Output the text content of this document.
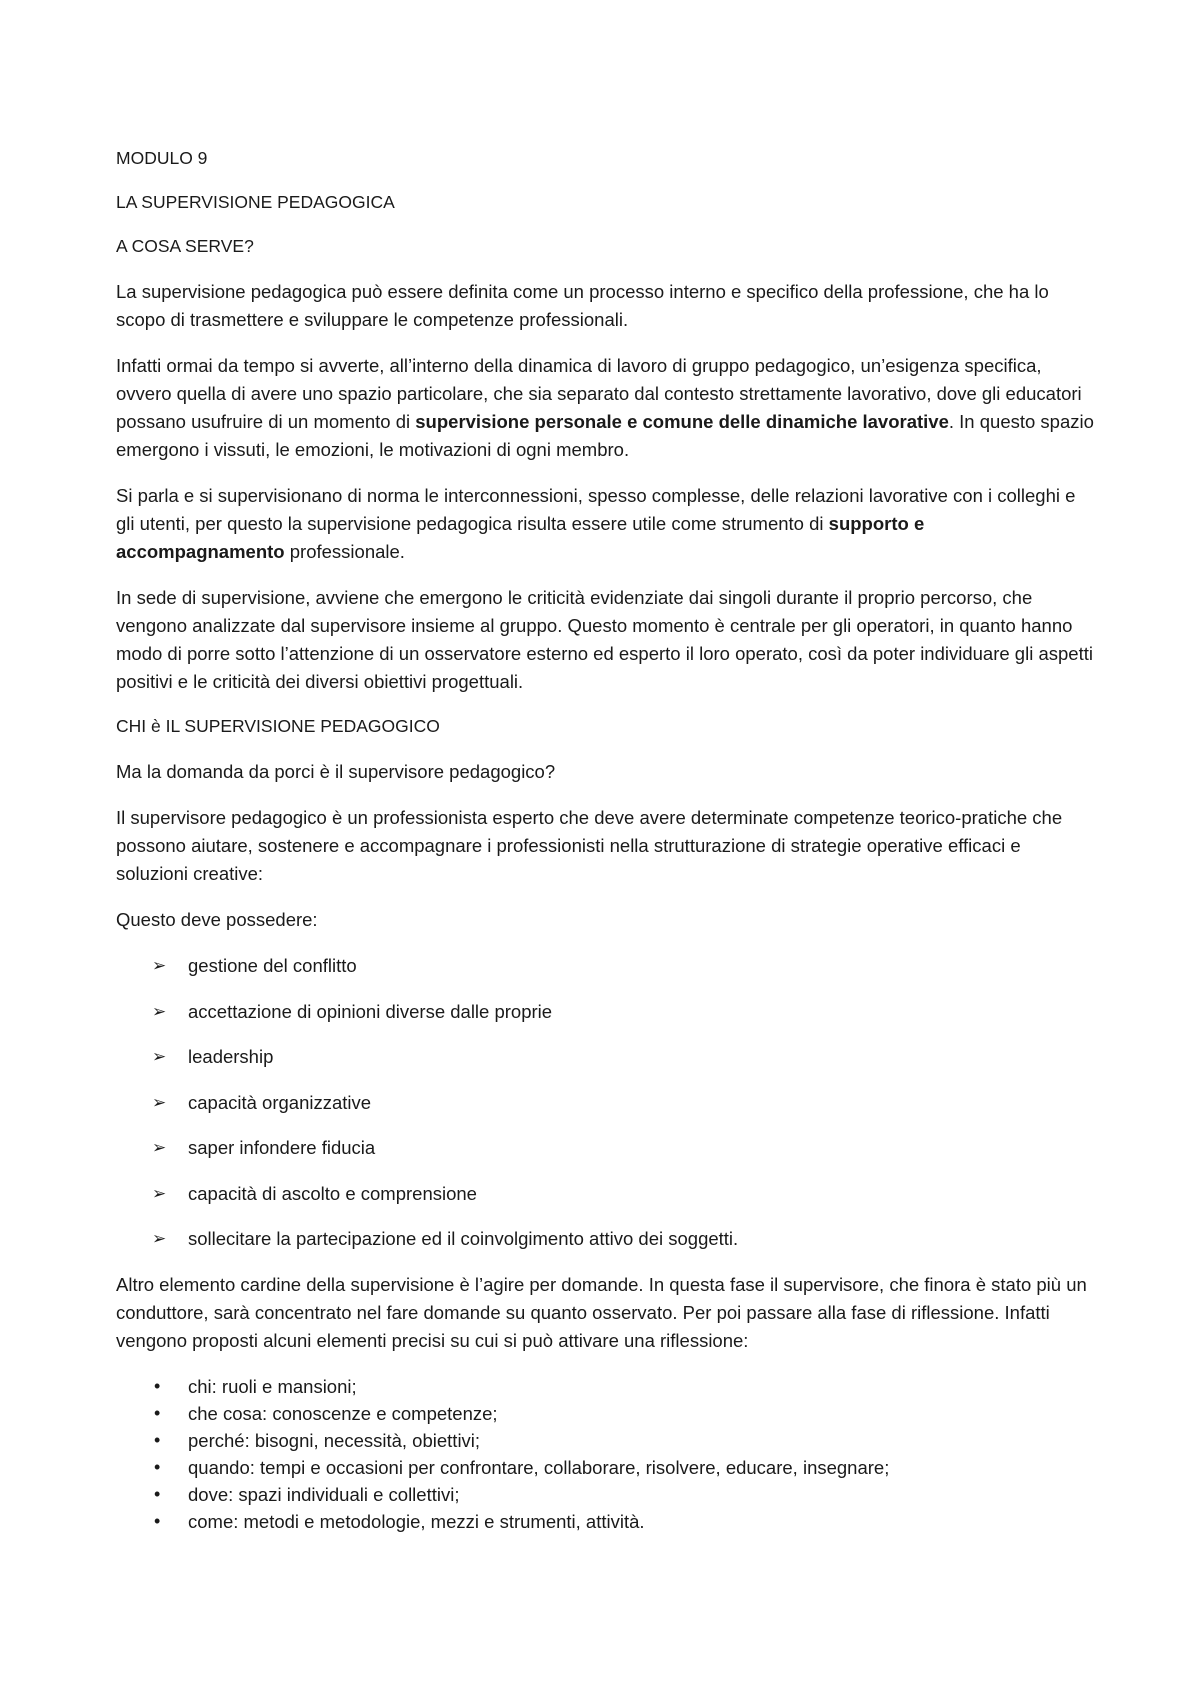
MODULO 9

LA SUPERVISIONE PEDAGOGICA

A COSA SERVE?

La supervisione pedagogica può essere definita come un processo interno e specifico della professione, che ha lo scopo di trasmettere e sviluppare le competenze professionali.

Infatti ormai da tempo si avverte, all’interno della dinamica di lavoro di gruppo pedagogico, un’esigenza specifica, ovvero quella di avere uno spazio particolare, che sia separato dal contesto strettamente lavorativo, dove gli educatori possano usufruire di un momento di supervisione personale e comune delle dinamiche lavorative. In questo spazio emergono i vissuti, le emozioni, le motivazioni di ogni membro.

Si parla e si supervisionano di norma le interconnessioni, spesso complesse, delle relazioni lavorative con i colleghi e gli utenti, per questo la supervisione pedagogica risulta essere utile come strumento di supporto e accompagnamento professionale.

In sede di supervisione, avviene che emergono le criticità evidenziate dai singoli durante il proprio percorso, che vengono analizzate dal supervisore insieme al gruppo. Questo momento è centrale per gli operatori, in quanto hanno modo di porre sotto l’attenzione di un osservatore esterno ed esperto il loro operato, così da poter individuare gli aspetti positivi e le criticità dei diversi obiettivi progettuali.

CHI è IL SUPERVISIONE PEDAGOGICO

Ma la domanda da porci è il supervisore pedagogico?

Il supervisore pedagogico è un professionista esperto che deve avere determinate competenze teorico-pratiche che possono aiutare, sostenere e accompagnare i professionisti nella strutturazione di strategie operative efficaci e soluzioni creative:

Questo deve possedere:

➢ gestione del conflitto
➢ accettazione di opinioni diverse dalle proprie
➢ leadership
➢ capacità organizzative
➢ saper infondere fiducia
➢ capacità di ascolto e comprensione
➢ sollecitare la partecipazione ed il coinvolgimento attivo dei soggetti.

Altro elemento cardine della supervisione è l’agire per domande. In questa fase il supervisore, che finora è stato più un conduttore, sarà concentrato nel fare domande su quanto osservato. Per poi passare alla fase di riflessione. Infatti vengono proposti alcuni elementi precisi su cui si può attivare una riflessione:

• chi: ruoli e mansioni;
• che cosa: conoscenze e competenze;
• perché: bisogni, necessità, obiettivi;
• quando: tempi e occasioni per confrontare, collaborare, risolvere, educare, insegnare;
• dove: spazi individuali e collettivi;
• come: metodi e metodologie, mezzi e strumenti, attività.
